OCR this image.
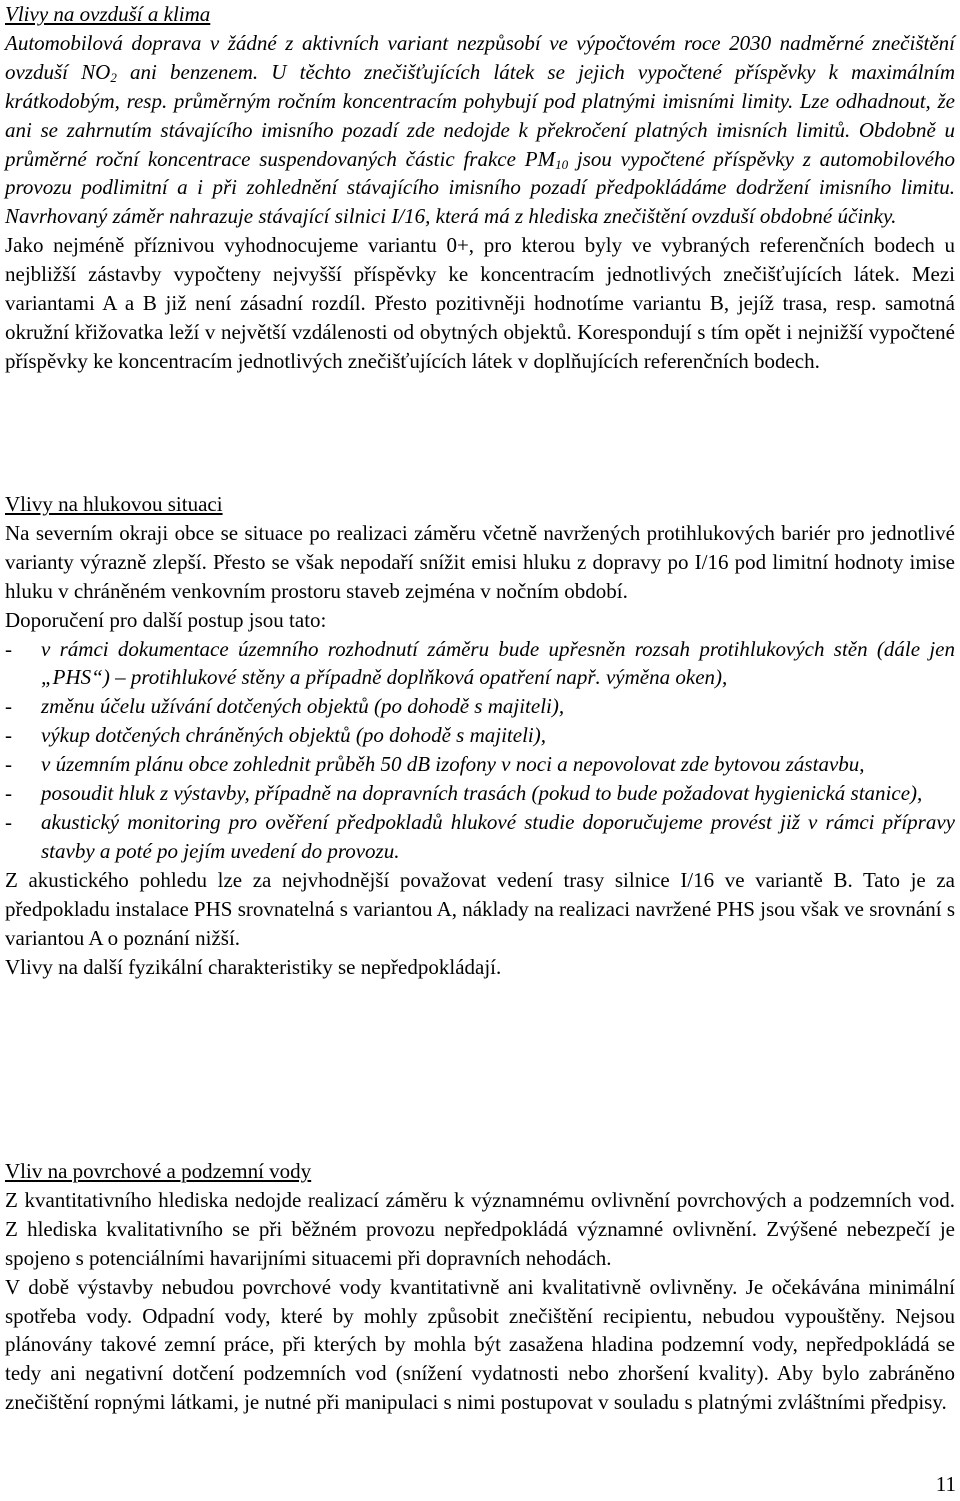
Vlivy na ovzduší a klima

Automobilová doprava v žádné z aktivních variant nezpůsobí ve výpočtovém roce 2030 nadměrné znečištění ovzduší $NO_2$ ani benzenem. U těchto znečišťujících látek se jejich vypočtené příspěvky k maximálním krátkodobým, resp. průměrným ročním koncentracím pohybují pod platnými imisními limity. Lze odhadnout, že ani se zahrnutím stávajícího imisního pozadí zde nedojde k překročení platných imisních limitů. Obdobně u průměrné roční koncentrace suspendovaných částic frakce $PM_{10}$ jsou vypočtené příspěvky z automobilového provozu podlimitní a i při zohlednění stávajícího imisního pozadí předpokládáme dodržení imisního limitu. Navrhovaný záměr nahrazuje stávající silnici I/16, která má z hlediska znečištění ovzduší obdobné účinky.

Jako nejméně příznivou vyhodnocujeme variantu 0+, pro kterou byly ve vybraných referenčních bodech u nejbližší zástavby vypočteny nejvyšší příspěvky ke koncentracím jednotlivých znečišťujících látek. Mezi variantami A a B již není zásadní rozdíl. Přesto pozitivněji hodnotíme variantu B, jejíž trasa, resp. samotná okružní křižovatka leží v největší vzdálenosti od obytných objektů. Korespondují s tím opět i nejnižší vypočtené příspěvky ke koncentracím jednotlivých znečišťujících látek v doplňujících referenčních bodech.

Vlivy na hlukovou situaci

Na severním okraji obce se situace po realizaci záměru včetně navržených protihlukových bariér pro jednotlivé varianty výrazně zlepší. Přesto se však nepodaří snížit emisi hluku z dopravy po I/16 pod limitní hodnoty imise hluku v chráněném venkovním prostoru staveb zejména v nočním období.

Doporučení pro další postup jsou tato:
- v rámci dokumentace územního rozhodnutí záměru bude upřesněn rozsah protihlukových stěn (dále jen „PHS“) – protihlukové stěny a případně doplňková opatření např. výměna oken),
- změnu účelu užívání dotčených objektů (po dohodě s majiteli),
- výkup dotčených chráněných objektů (po dohodě s majiteli),
- v územním plánu obce zohlednit průběh 50 dB izofony v noci a nepovolovat zde bytovou zástavbu,
- posoudit hluk z výstavby, případně na dopravních trasách (pokud to bude požadovat hygienická stanice),
- akustický monitoring pro ověření předpokladů hlukové studie doporučujeme provést již v rámci přípravy stavby a poté po jejím uvedení do provozu.

Z akustického pohledu lze za nejvhodnější považovat vedení trasy silnice I/16 ve variantě B. Tato je za předpokladu instalace PHS srovnatelná s variantou A, náklady na realizaci navržené PHS jsou však ve srovnání s variantou A o poznání nižší.

Vlivy na další fyzikální charakteristiky se nepředpokládají.
Vliv na povrchové a podzemní vody

Z kvantitativního hlediska nedojde realizací záměru k významnému ovlivnění povrchových a podzemních vod. Z hlediska kvalitativního se při běžném provozu nepředpokládá významné ovlivnění. Zvýšené nebezpečí je spojeno s potenciálními havarijními situacemi při dopravních nehodách.

V době výstavby nebudou povrchové vody kvantitativně ani kvalitativně ovlivněny. Je očekávána minimální spotřeba vody. Odpadní vody, které by mohly způsobit znečištění recipientu, nebudou vypouštěny. Nejsou plánovány takové zemní práce, při kterých by mohla být zasažena hladina podzemní vody, nepředpokládá se tedy ani negativní dotčení podzemních vod (snížení vydatnosti nebo zhoršení kvality). Aby bylo zabráněno znečištění ropnými látkami, je nutné při manipulaci s nimi postupovat v souladu s platnými zvláštními předpisy.

11
